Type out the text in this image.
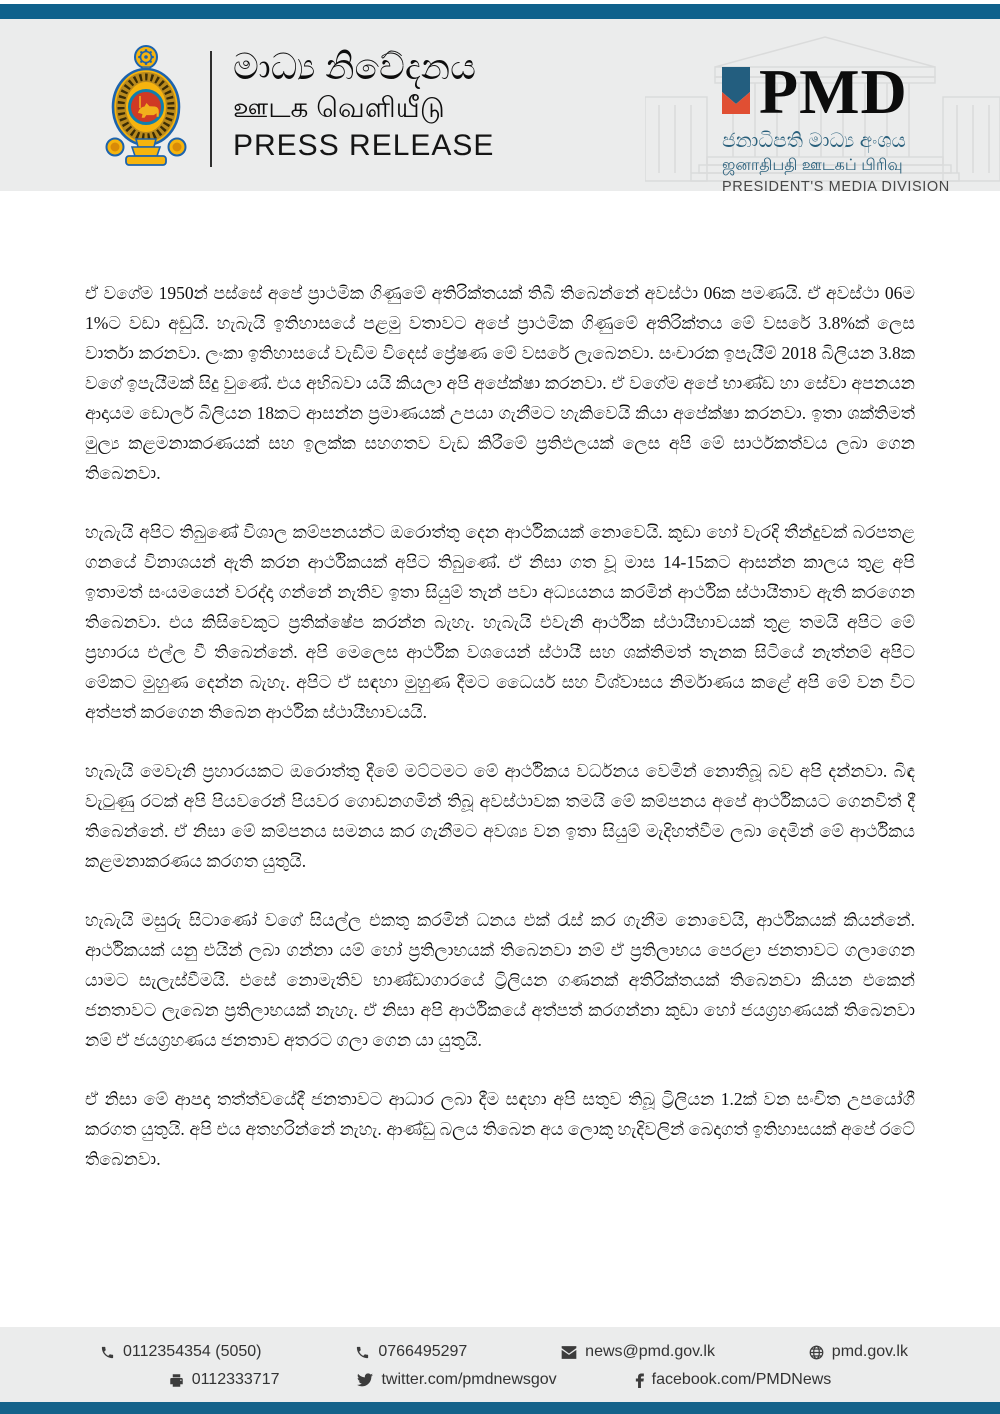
මාධ්‍ය නිවේදනය
ஊடக வெளியீடு
PRESS RELEASE
PMD
ජනාධිපති මාධ්‍ය අංශය
ஜனாதிபதி ஊடகப் பிரிவு
PRESIDENT'S MEDIA DIVISION

ඒ වගේම 1950න් පස්සේ අපේ ප්‍රාථමික ගිණුමේ අතිරික්තයක් තිබී තිබෙන්නේ අවස්ථා 06ක පමණයි. ඒ අවස්ථා 06ම 1%ට වඩා අඩුයි. හැබැයි ඉතිහාසයේ පළමු වතාවට අපේ ප්‍රාථමික ගිණුමේ අතිරික්තය මේ වසරේ 3.8%ක් ලෙස වාර්තා කරනවා. ලංකා ඉතිහාසයේ වැඩිම විදෙස් ප්‍රේෂණ මේ වසරේ ලැබෙනවා. සංචාරක ඉපැයීම් 2018 බිලියන 3.8ක වගේ ඉපැයීමක් සිදු වුණේ. එය අභිබවා යයි කියලා අපි අපේක්ෂා කරනවා. ඒ වගේම අපේ භාණ්ඩ හා සේවා අපනයන ආදායම ඩොලර් බිලියන 18කට ආසන්න ප්‍රමාණයක් උපයා ගැනීමට හැකිවෙයි කියා අපේක්ෂා කරනවා. ඉතා ශක්තිමත් මුල්‍ය කළමනාකරණයක් සහ ඉලක්ක සහගතව වැඩ කිරීමේ ප්‍රතිඵලයක් ලෙස අපි මේ සාර්ථකත්වය ලබා ගෙන තිබෙනවා.

හැබැයි අපිට තිබුණේ විශාල කම්පනයන්ට ඔරොත්තු දෙන ආර්ථිකයක් නොවෙයි. කුඩා හෝ වැරදි තීන්දුවක් බරපතළ ගනයේ විනාශයන් ඇති කරන ආර්ථිකයක් අපිට තිබුණේ. ඒ නිසා ගත වූ මාස 14-15කට ආසන්න කාලය තුළ අපි ඉතාමත් සංයමයෙන් වරද්දා ගන්නේ නැතිව ඉතා සියුම් තැන් පවා අධ්‍යයනය කරමින් ආර්ථික ස්ථායීතාව ඇති කරගෙන තිබෙනවා. එය කිසිවෙකුට ප්‍රතික්ෂේප කරන්න බැහැ. හැබැයි එවැනි ආර්ථික ස්ථායීභාවයක් තුළ තමයි අපිට මේ ප්‍රහාරය එල්ල වී තිබෙන්නේ. අපි මෙලෙස ආර්ථික වශයෙන් ස්ථායී සහ ශක්තිමත් තැනක සිටියේ නැත්නම් අපිට මේකට මුහුණ දෙන්න බැහැ. අපිට ඒ සඳහා මුහුණ දීමට ධෛර්ය සහ විශ්වාසය නිර්මාණය කළේ අපි මේ වන විට අත්පත් කරගෙන තිබෙන ආර්ථික ස්ථායීභාවයයි.

හැබැයි මෙවැනි ප්‍රහාරයකට ඔරොත්තු දීමේ මට්ටමට මේ ආර්ථිකය වර්ධනය වෙමින් නොතිබූ බව අපි දන්නවා. බිඳ වැටුණු රටක් අපි පියවරෙන් පියවර ගොඩනගමින් තිබූ අවස්ථාවක තමයි මේ කම්පනය අපේ ආර්ථිකයට ගෙනවිත් දී තිබෙන්නේ. ඒ නිසා මේ කම්පනය සමනය කර ගැනීමට අවශ්‍ය වන ඉතා සියුම් මැදිහත්වීම ලබා දෙමින් මේ ආර්ථිකය කළමනාකරණය කරගත යුතුයි.

හැබැයි මසුරු සිටාණෝ වගේ සියල්ල එකතු කරමින් ධනය එක් රැස් කර ගැනීම නොවෙයි, ආර්ථිකයක් කියන්නේ. ආර්ථිකයක් යනු එයින් ලබා ගන්නා යම් හෝ ප්‍රතිලාභයක් තිබෙනවා නම් ඒ ප්‍රතිලාභය පෙරළා ජනතාවට ගලාගෙන යාමට සැලැස්වීමයි. එසේ නොමැතිව භාණ්ඩාගාරයේ ට්‍රිලියන ගණනක් අතිරික්තයක් තිබෙනවා කියන එකෙන් ජනතාවට ලැබෙන ප්‍රතිලාභයක් නැහැ. ඒ නිසා අපි ආර්ථිකයේ අත්පත් කරගන්නා කුඩා හෝ ජයග්‍රහණයක් තිබෙනවා නම් ඒ ජයග්‍රහණය ජනතාව අතරට ගලා ගෙන යා යුතුයි.

ඒ නිසා මේ ආපදා තත්ත්වයේදී ජනතාවට ආධාර ලබා දීම සඳහා අපි සතුව තිබූ ට්‍රිලියන 1.2ක් වන සංචිත උපයෝගී කරගත යුතුයි. අපි එය අතහරින්නේ නැහැ. ආණ්ඩු බලය තිබෙන අය ලොකු හැදිවලින් බෙදාගත් ඉතිහාසයක් අපේ රටේ තිබෙනවා.

0112354354 (5050)	0766495297	news@pmd.gov.lk	pmd.gov.lk
0112333717	twitter.com/pmdnewsgov	facebook.com/PMDNews
